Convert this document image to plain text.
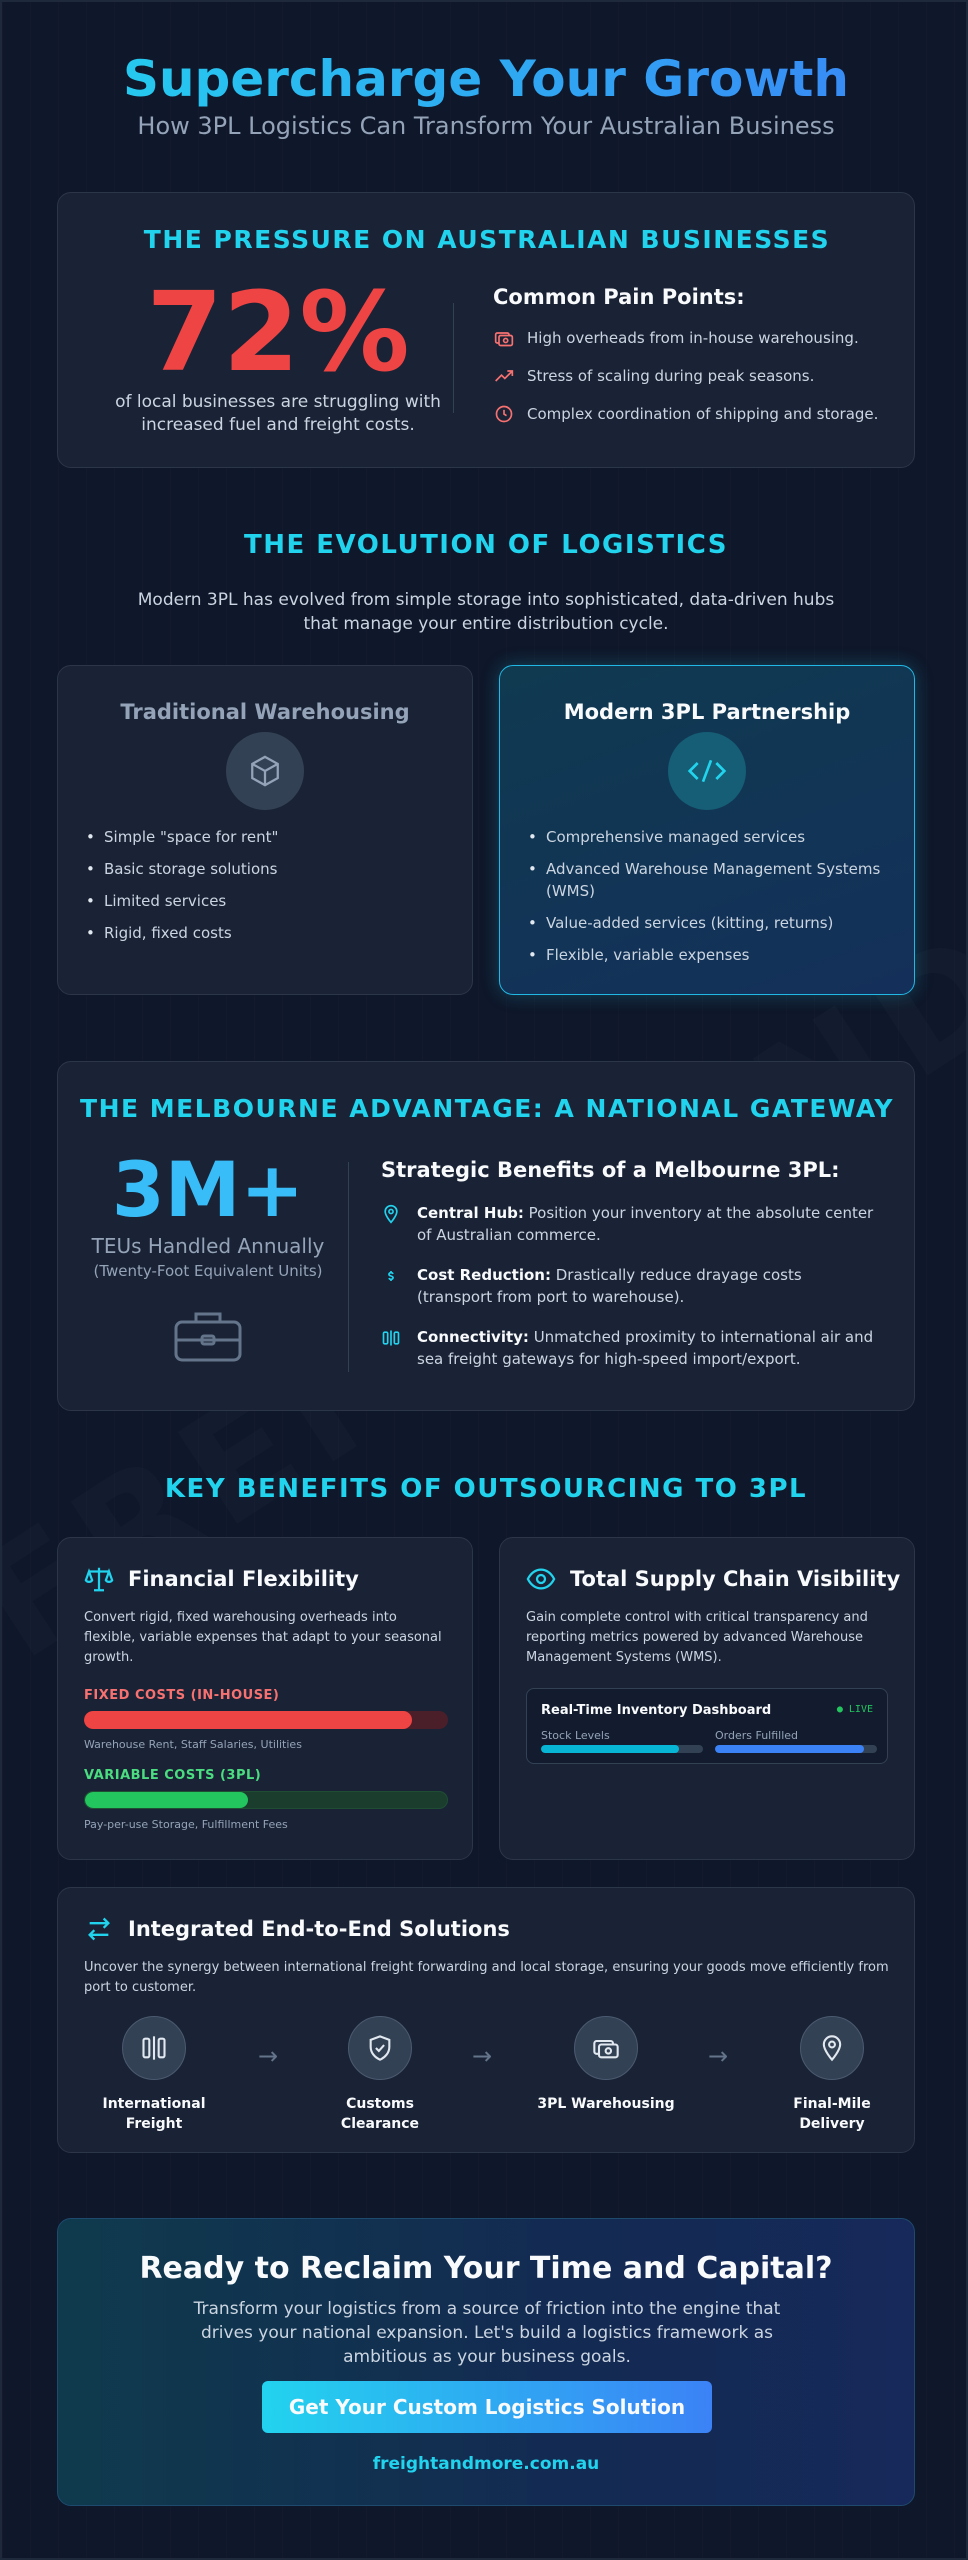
Supercharge Your Growth
How 3PL Logistics Can Transform Your Australian Business
THE PRESSURE ON AUSTRALIAN BUSINESSES
72%
of local businesses are struggling with increased fuel and freight costs.
Common Pain Points:
High overheads from in-house warehousing.
Stress of scaling during peak seasons.
Complex coordination of shipping and storage.
THE EVOLUTION OF LOGISTICS
Modern 3PL has evolved from simple storage into sophisticated, data-driven hubs that manage your entire distribution cycle.
Traditional Warehousing
• Simple "space for rent"
• Basic storage solutions
• Limited services
• Rigid, fixed costs
Modern 3PL Partnership
• Comprehensive managed services
• Advanced Warehouse Management Systems (WMS)
• Value-added services (kitting, returns)
• Flexible, variable expenses
THE MELBOURNE ADVANTAGE: A NATIONAL GATEWAY
3M+
TEUs Handled Annually
(Twenty-Foot Equivalent Units)
Strategic Benefits of a Melbourne 3PL:
Central Hub: Position your inventory at the absolute center of Australian commerce.
Cost Reduction: Drastically reduce drayage costs (transport from port to warehouse).
Connectivity: Unmatched proximity to international air and sea freight gateways for high-speed import/export.
KEY BENEFITS OF OUTSOURCING TO 3PL
Financial Flexibility
Convert rigid, fixed warehousing overheads into flexible, variable expenses that adapt to your seasonal growth.
FIXED COSTS (IN-HOUSE)
Warehouse Rent, Staff Salaries, Utilities
VARIABLE COSTS (3PL)
Pay-per-use Storage, Fulfillment Fees
Total Supply Chain Visibility
Gain complete control with critical transparency and reporting metrics powered by advanced Warehouse Management Systems (WMS).
Real-Time Inventory Dashboard	● LIVE
Stock Levels	Orders Fulfilled
Integrated End-to-End Solutions
Uncover the synergy between international freight forwarding and local storage, ensuring your goods move efficiently from port to customer.
International Freight
→
Customs Clearance
→
3PL Warehousing
→
Final-Mile Delivery
Ready to Reclaim Your Time and Capital?

Transform your logistics from a source of friction into the engine that drives your national expansion. Let's build a logistics framework as ambitious as your business goals.

Get Your Custom Logistics Solution
freightandmore.com.au
